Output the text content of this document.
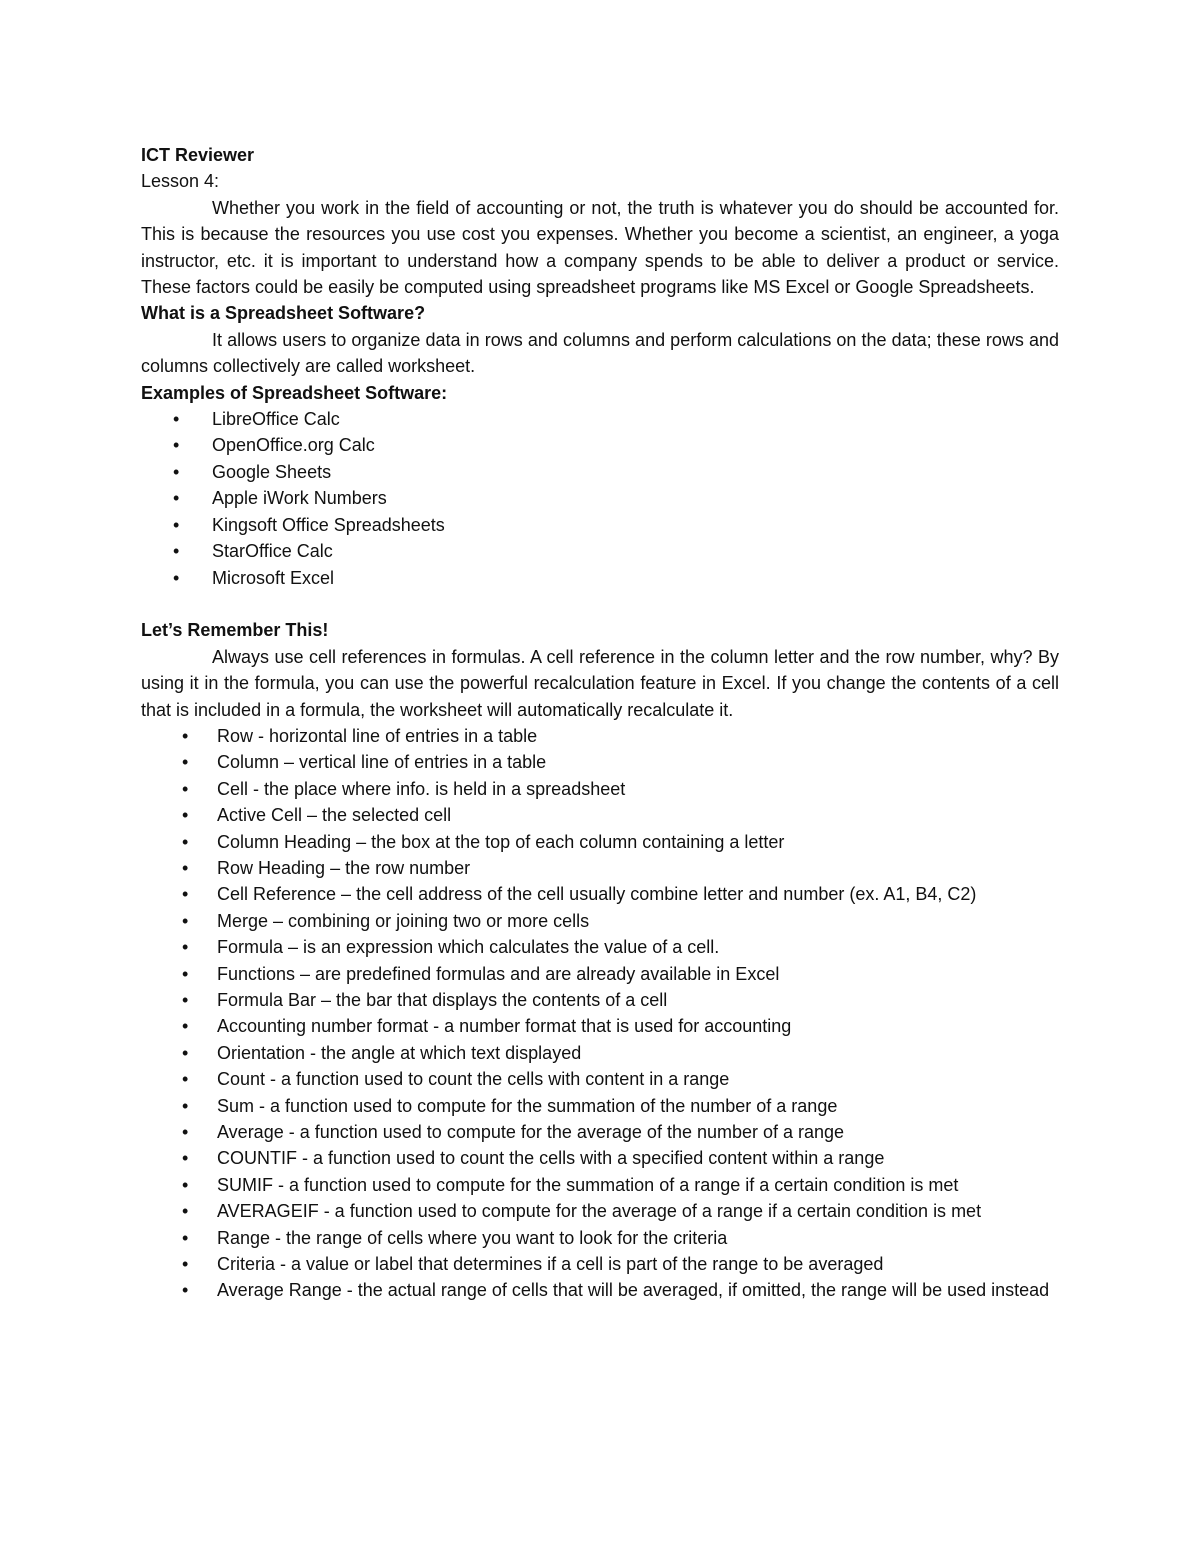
ICT Reviewer

Lesson 4:

Whether you work in the field of accounting or not, the truth is whatever you do should be accounted for. This is because the resources you use cost you expenses. Whether you become a scientist, an engineer, a yoga instructor, etc. it is important to understand how a company spends to be able to deliver a product or service. These factors could be easily be computed using spreadsheet programs like MS Excel or Google Spreadsheets.

What is a Spreadsheet Software?

It allows users to organize data in rows and columns and perform calculations on the data; these rows and columns collectively are called worksheet.

Examples of Spreadsheet Software:

• LibreOffice Calc
• OpenOffice.org Calc
• Google Sheets
• Apple iWork Numbers
• Kingsoft Office Spreadsheets
• StarOffice Calc
• Microsoft Excel

Let’s Remember This!

Always use cell references in formulas. A cell reference in the column letter and the row number, why? By using it in the formula, you can use the powerful recalculation feature in Excel. If you change the contents of a cell that is included in a formula, the worksheet will automatically recalculate it.

• Row - horizontal line of entries in a table
• Column – vertical line of entries in a table
• Cell - the place where info. is held in a spreadsheet
• Active Cell – the selected cell
• Column Heading – the box at the top of each column containing a letter
• Row Heading – the row number
• Cell Reference – the cell address of the cell usually combine letter and number (ex. A1, B4, C2)
• Merge – combining or joining two or more cells
• Formula – is an expression which calculates the value of a cell.
• Functions – are predefined formulas and are already available in Excel
• Formula Bar – the bar that displays the contents of a cell
• Accounting number format - a number format that is used for accounting
• Orientation - the angle at which text displayed
• Count - a function used to count the cells with content in a range
• Sum - a function used to compute for the summation of the number of a range
• Average - a function used to compute for the average of the number of a range
• COUNTIF - a function used to count the cells with a specified content within a range
• SUMIF - a function used to compute for the summation of a range if a certain condition is met
• AVERAGEIF - a function used to compute for the average of a range if a certain condition is met
• Range - the range of cells where you want to look for the criteria
• Criteria - a value or label that determines if a cell is part of the range to be averaged
• Average Range - the actual range of cells that will be averaged, if omitted, the range will be used instead
